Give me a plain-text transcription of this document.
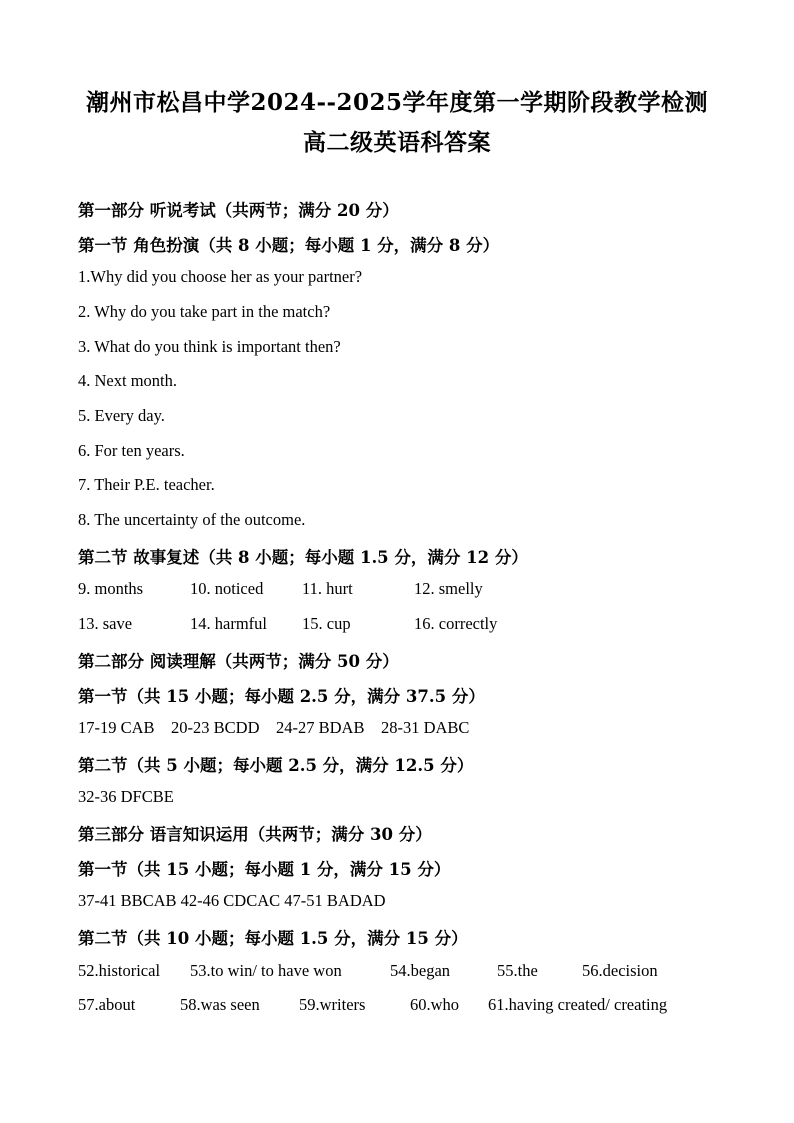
潮州市松昌中学2024--2025学年度第一学期阶段教学检测
高二级英语科答案
第一部分 听说考试（共两节；满分 20 分）
第一节 角色扮演（共 8 小题；每小题 1 分，满分 8 分）
1.Why did you choose her as your partner?
2. Why do you take part in the match?
3. What do you think is important then?
4. Next month.
5. Every day.
6. For ten years.
7. Their P.E. teacher.
8. The uncertainty of the outcome.
第二节 故事复述（共 8 小题；每小题 1.5 分，满分 12 分）
9. months	10. noticed 11. hurt	12. smelly
13. save	14. harmful 15. cup	16. correctly
第二部分 阅读理解（共两节；满分 50 分）
第一节（共 15 小题；每小题 2.5 分，满分 37.5 分）
17-19 CAB    20-23 BCDD    24-27 BDAB    28-31 DABC
第二节（共 5 小题；每小题 2.5 分，满分 12.5 分）
32-36 DFCBE
第三部分 语言知识运用（共两节；满分 30 分）
第一节（共 15 小题；每小题 1 分，满分 15 分）
37-41 BBCAB 42-46 CDCAC 47-51 BADAD
第二节（共 10 小题；每小题 1.5 分，满分 15 分）
52.historical 53.to win/ to have won	54.began	55.the	56.decision
57.about	58.was seen 59.writers	60.who 61.having created/ creating
